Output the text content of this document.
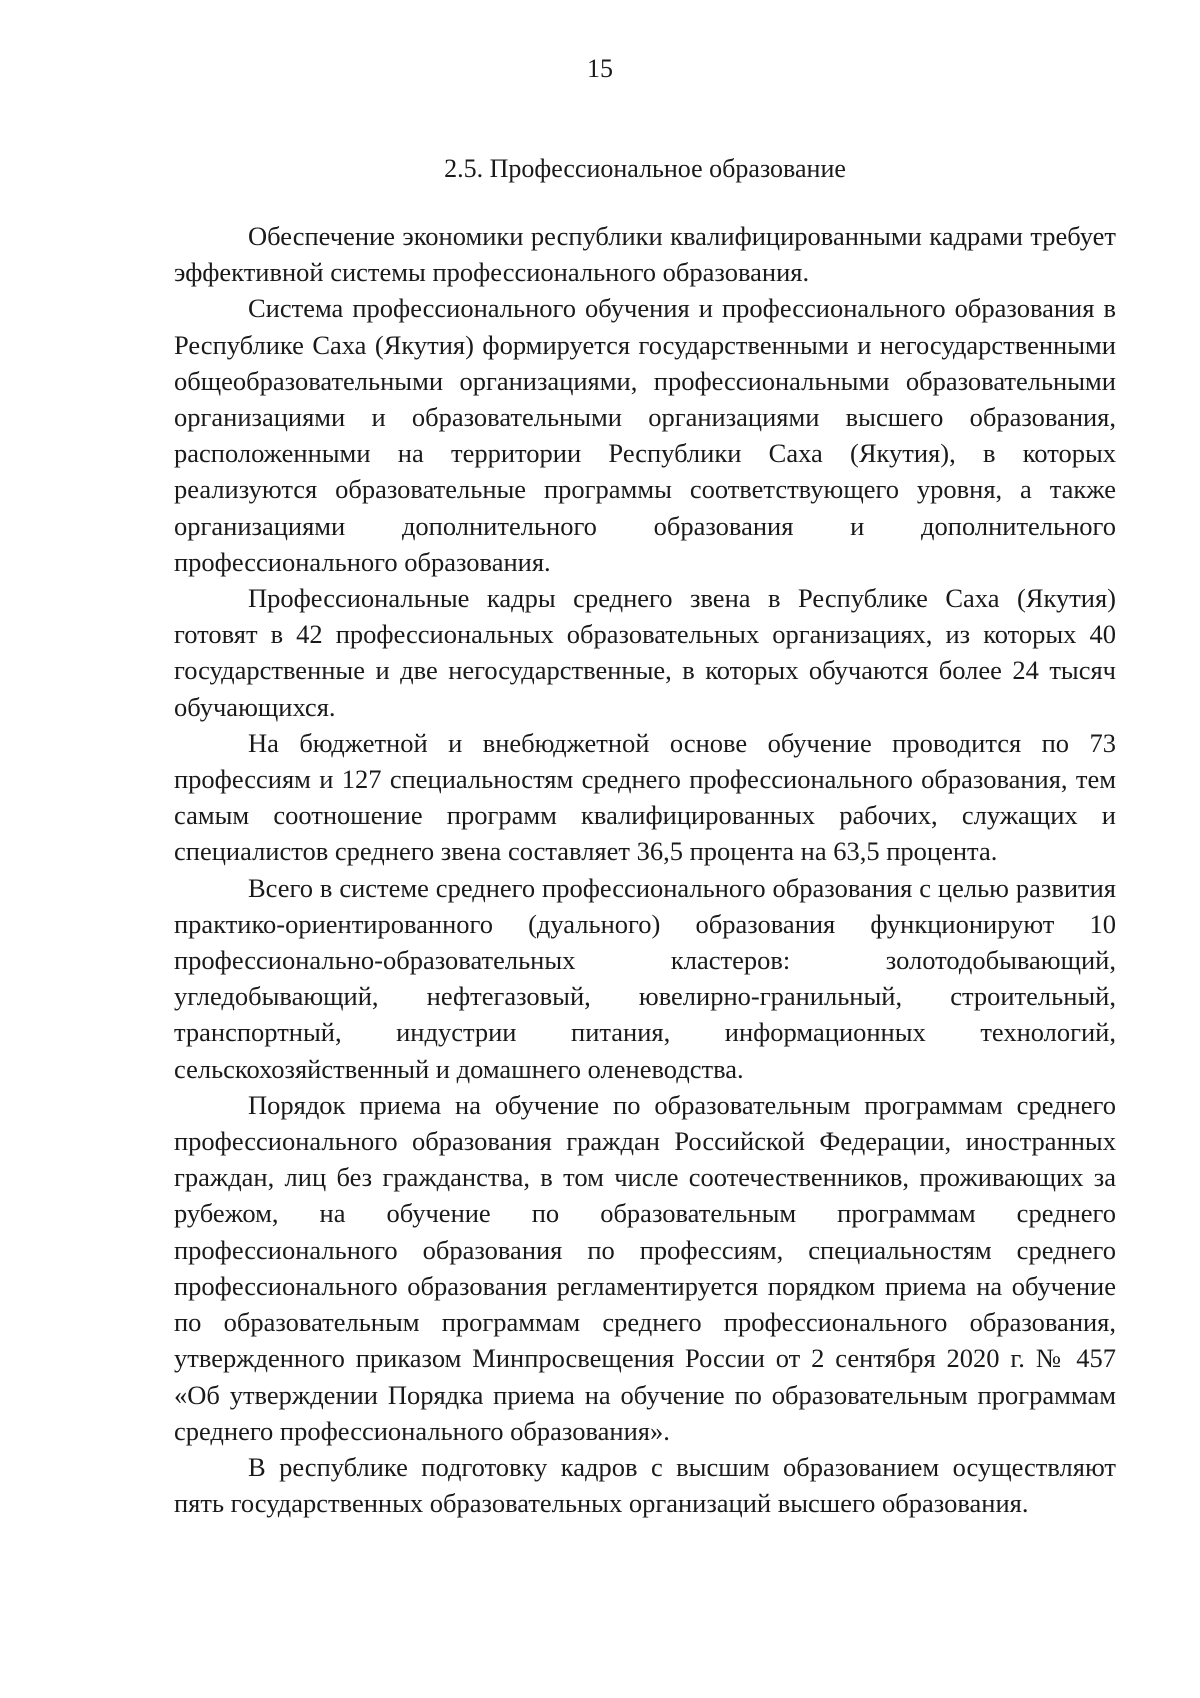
15
2.5. Профессиональное образование

Обеспечение экономики республики квалифицированными кадрами требует эффективной системы профессионального образования.

Система профессионального обучения и профессионального образования в Республике Саха (Якутия) формируется государственными и негосударственными общеобразовательными организациями, профессиональными образовательными организациями и образовательными организациями высшего образования, расположенными на территории Республики Саха (Якутия), в которых реализуются образовательные программы соответствующего уровня, а также организациями дополнительного образования и дополнительного профессионального образования.

Профессиональные кадры среднего звена в Республике Саха (Якутия) готовят в 42 профессиональных образовательных организациях, из которых 40 государственные и две негосударственные, в которых обучаются более 24 тысяч обучающихся.

На бюджетной и внебюджетной основе обучение проводится по 73 профессиям и 127 специальностям среднего профессионального образования, тем самым соотношение программ квалифицированных рабочих, служащих и специалистов среднего звена составляет 36,5 процента на 63,5 процента.

Всего в системе среднего профессионального образования с целью развития практико-ориентированного (дуального) образования функционируют 10 профессионально-образовательных кластеров: золотодобывающий, угледобывающий, нефтегазовый, ювелирно-гранильный, строительный, транспортный, индустрии питания, информационных технологий, сельскохозяйственный и домашнего оленеводства.

Порядок приема на обучение по образовательным программам среднего профессионального образования граждан Российской Федерации, иностранных граждан, лиц без гражданства, в том числе соотечественников, проживающих за рубежом, на обучение по образовательным программам среднего профессионального образования по профессиям, специальностям среднего профессионального образования регламентируется порядком приема на обучение по образовательным программам среднего профессионального образования, утвержденного приказом Минпросвещения России от 2 сентября 2020 г. № 457 «Об утверждении Порядка приема на обучение по образовательным программам среднего профессионального образования».

В республике подготовку кадров с высшим образованием осуществляют пять государственных образовательных организаций высшего образования.
